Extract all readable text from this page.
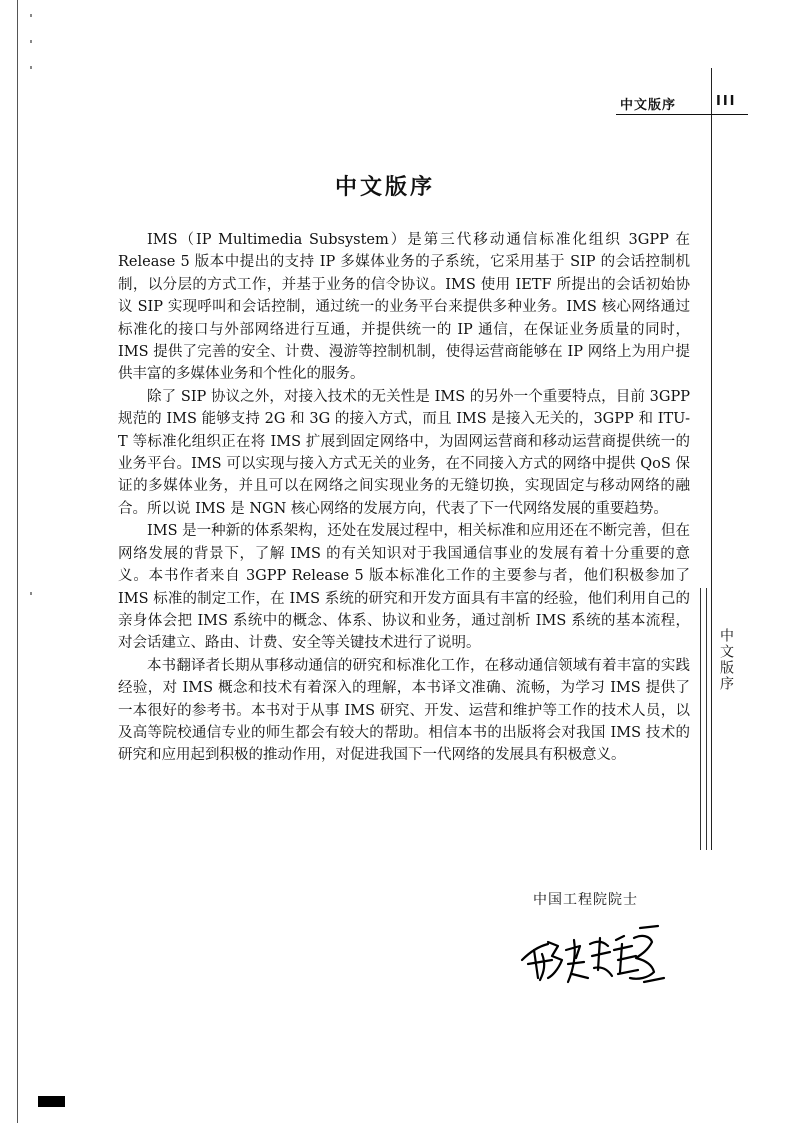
中文版序	III
中文版序
中文版序

IMS（IP Multimedia Subsystem）是第三代移动通信标准化组织 3GPP 在 Release 5 版本中提出的支持 IP 多媒体业务的子系统，它采用基于 SIP 的会话控制机制，以分层的方式工作，并基于业务的信令协议。IMS 使用 IETF 所提出的会话初始协议 SIP 实现呼叫和会话控制，通过统一的业务平台来提供多种业务。IMS 核心网络通过标准化的接口与外部网络进行互通，并提供统一的 IP 通信，在保证业务质量的同时，IMS 提供了完善的安全、计费、漫游等控制机制，使得运营商能够在 IP 网络上为用户提供丰富的多媒体业务和个性化的服务。

除了 SIP 协议之外，对接入技术的无关性是 IMS 的另外一个重要特点，目前 3GPP 规范的 IMS 能够支持 2G 和 3G 的接入方式，而且 IMS 是接入无关的，3GPP 和 ITU-T 等标准化组织正在将 IMS 扩展到固定网络中，为固网运营商和移动运营商提供统一的业务平台。IMS 可以实现与接入方式无关的业务，在不同接入方式的网络中提供 QoS 保证的多媒体业务，并且可以在网络之间实现业务的无缝切换，实现固定与移动网络的融合。所以说 IMS 是 NGN 核心网络的发展方向，代表了下一代网络发展的重要趋势。

IMS 是一种新的体系架构，还处在发展过程中，相关标准和应用还在不断完善，但在网络发展的背景下，了解 IMS 的有关知识对于我国通信事业的发展有着十分重要的意义。本书作者来自 3GPP Release 5 版本标准化工作的主要参与者，他们积极参加了 IMS 标准的制定工作，在 IMS 系统的研究和开发方面具有丰富的经验，他们利用自己的亲身体会把 IMS 系统中的概念、体系、协议和业务，通过剖析 IMS 系统的基本流程，对会话建立、路由、计费、安全等关键技术进行了说明。

本书翻译者长期从事移动通信的研究和标准化工作，在移动通信领域有着丰富的实践经验，对 IMS 概念和技术有着深入的理解，本书译文准确、流畅，为学习 IMS 提供了一本很好的参考书。本书对于从事 IMS 研究、开发、运营和维护等工作的技术人员，以及高等院校通信专业的师生都会有较大的帮助。相信本书的出版将会对我国 IMS 技术的研究和应用起到积极的推动作用，对促进我国下一代网络的发展具有积极意义。

中国工程院院士
